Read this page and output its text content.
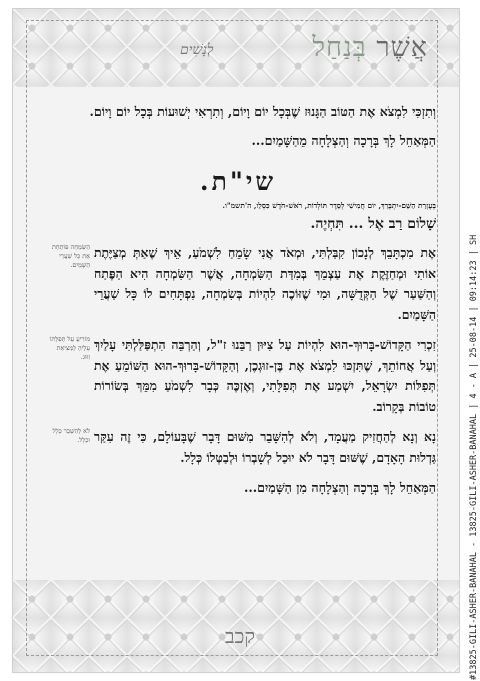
אֲשֶׁר בְּנַחַל
לְנָשִׁים

וְתִזְכִּי לִמְצֹא אֶת הַטּוֹב הַגָּנוּז שֶׁבְּכָל יוֹם וָיוֹם, וְתִרְאִי יְשׁוּעוֹת בְּכָל יוֹם וָיוֹם.

הַמְּאַחֵל לָךְ בְּרָכָה וְהַצְלָחָה מֵהַשָּׁמַיִם...

שי"ת.

בְּעֶזְרַת הַשֵּׁם-יִתְבָּרֵךְ, יוֹם חֲמִישִׁי לְסֵדֶר תּוֹלְדוֹת, רֹאשׁ-חֹדֶשׁ כִּסְלֵו, ה'תשמ"ו.

שָׁלוֹם רַב אֶל ... תִּחְיֶה.

אֶת מִכְתָּבֵךְ לְנָכוֹן קִבַּלְתִּי, וּמְאֹד אֲנִי שָׂמֵחַ לִשְׁמֹעַ, אֵיךְ שֶׁאַתְּ מְצַיֶּתֶת אוֹתִי וּמְחַזֶּקֶת אֶת עַצְמֵךְ בְּמִדַּת הַשִּׂמְחָה, אֲשֶׁר הַשִּׂמְחָה הִיא הַפֶּתַח וְהַשַּׁעַר שֶׁל הַקְּדֻשָּׁה, וּמִי שֶׁזּוֹכֶה לִהְיוֹת בְּשִׂמְחָה, נִפְתָּחִים לוֹ כָּל שַׁעֲרֵי הַשָּׁמַיִם.
הַשִּׂמְחָה פּוֹתַחַת אֶת כָּל שַׁעֲרֵי הַשָּׁמַיִם.
זִכְרִי הַקָּדוֹשׁ-בָּרוּךְ-הוּא לִהְיוֹת עַל צִיּוּן רַבֵּנוּ ז"ל, וְהַרְבֵּה הִתְפַּלַּלְתִּי עָלַיִךְ וְעַל אֲחוֹתֵךְ, שֶׁתִּזְכּוּ לִמְצֹא אֶת בֶּן-זוּגְכֶן, וְהַקָּדוֹשׁ-בָּרוּךְ-הוּא הַשּׁוֹמֵעַ אֶת תְּפִלּוֹת יִשְׂרָאֵל, יִשְׁמַע אֶת תְּפִלָּתִי, וְאֶזְכֶּה כְּבָר לִשְׁמֹעַ מִמֵּךְ בְּשׂוֹרוֹת טוֹבוֹת בְּקָרוֹב.
מוֹרִיעַ עַל תְּפִלָּתוֹ עָלֶיהָ לַמְּצִיאַת זִוּוּג.
נָא וְנָא לְהַחֲזִיק מַעֲמָד, וְלֹא לְהִשָּׁבֵר מִשּׁוּם דָּבָר שֶׁבָּעוֹלָם, כִּי זֶה עִקַּר גַּדְלוּת הָאָדָם, שֶׁשּׁוּם דָּבָר לֹא יוּכַל לְשָׁבְרוֹ וּלְבַטְּלוֹ כְּלָל.
לֹא לְהִשָּׁבֵר כְּלָל וּכְלָל.

הַמְּאַחֵל לָךְ בְּרָכָה וְהַצְלָחָה מִן הַשָּׁמַיִם...

קכב	#13825-GILI-ASHER-BANAHAL - 13825-GILI-ASHER-BANAHAL | 4 - A | 25-08-14 | 09:14:23 | SH
